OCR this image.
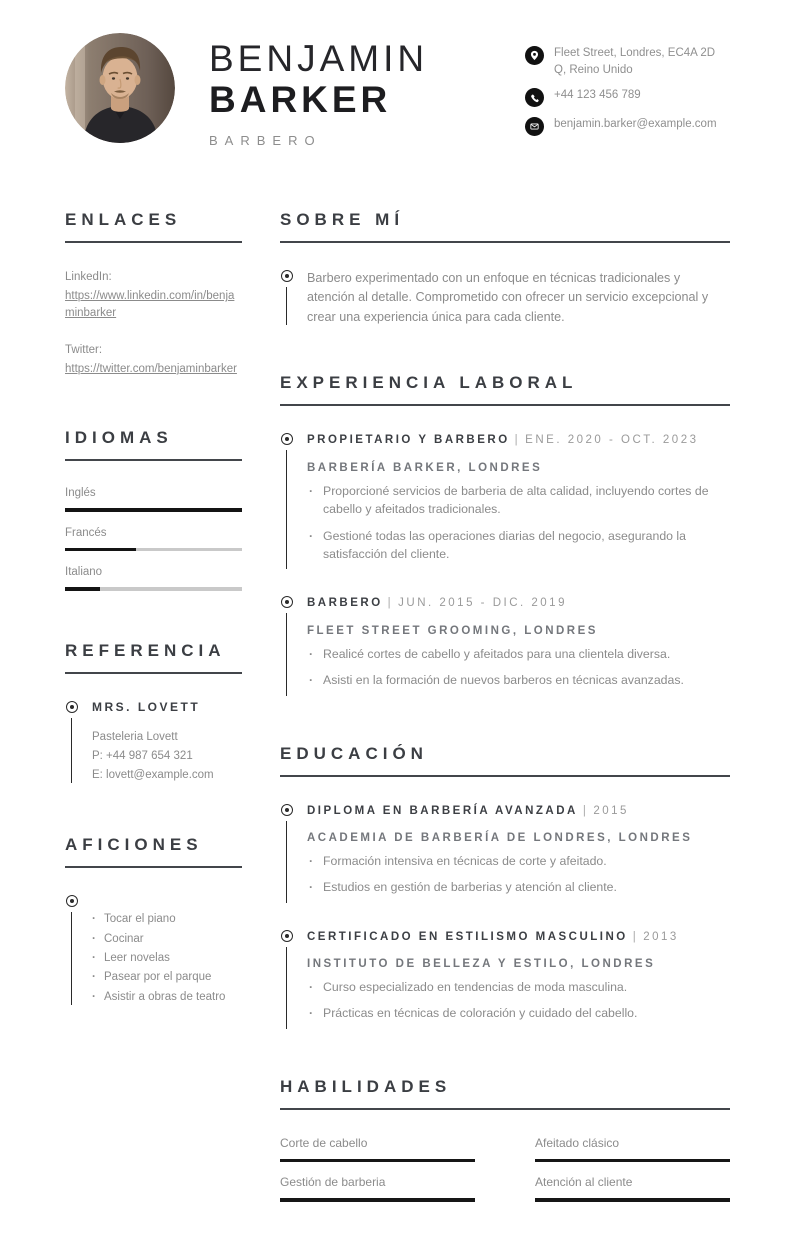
BENJAMIN
BARKER
BARBERO
Fleet Street, Londres, EC4A 2DQ, Reino Unido
+44 123 456 789
benjamin.barker@example.com
ENLACES
LinkedIn:
https://www.linkedin.com/in/benjaminbarker
Twitter:
https://twitter.com/benjaminbarker
IDIOMAS
Inglés
Francés
Italiano
REFERENCIA
MRS. LOVETT
Pasteleria Lovett
P: +44 987 654 321
E: lovett@example.com
AFICIONES
· Tocar el piano
· Cocinar
· Leer novelas
· Pasear por el parque
· Asistir a obras de teatro
SOBRE MÍ

Barbero experimentado con un enfoque en técnicas tradicionales y atención al detalle. Comprometido con ofrecer un servicio excepcional y crear una experiencia única para cada cliente.

EXPERIENCIA LABORAL
PROPIETARIO Y BARBERO | ENE. 2020 - OCT. 2023
BARBERÍA BARKER, LONDRES
· Proporcioné servicios de barberia de alta calidad, incluyendo cortes de cabello y afeitados tradicionales.
· Gestioné todas las operaciones diarias del negocio, asegurando la satisfacción del cliente.
BARBERO | JUN. 2015 - DIC. 2019
FLEET STREET GROOMING, LONDRES
· Realicé cortes de cabello y afeitados para una clientela diversa.
· Asisti en la formación de nuevos barberos en técnicas avanzadas.
EDUCACIÓN
DIPLOMA EN BARBERÍA AVANZADA | 2015
ACADEMIA DE BARBERÍA DE LONDRES, LONDRES
· Formación intensiva en técnicas de corte y afeitado.
· Estudios en gestión de barberias y atención al cliente.
CERTIFICADO EN ESTILISMO MASCULINO | 2013
INSTITUTO DE BELLEZA Y ESTILO, LONDRES
· Curso especializado en tendencias de moda masculina.
· Prácticas en técnicas de coloración y cuidado del cabello.
HABILIDADES
Corte de cabello	Afeitado clásico
Gestión de barberia	Atención al cliente
